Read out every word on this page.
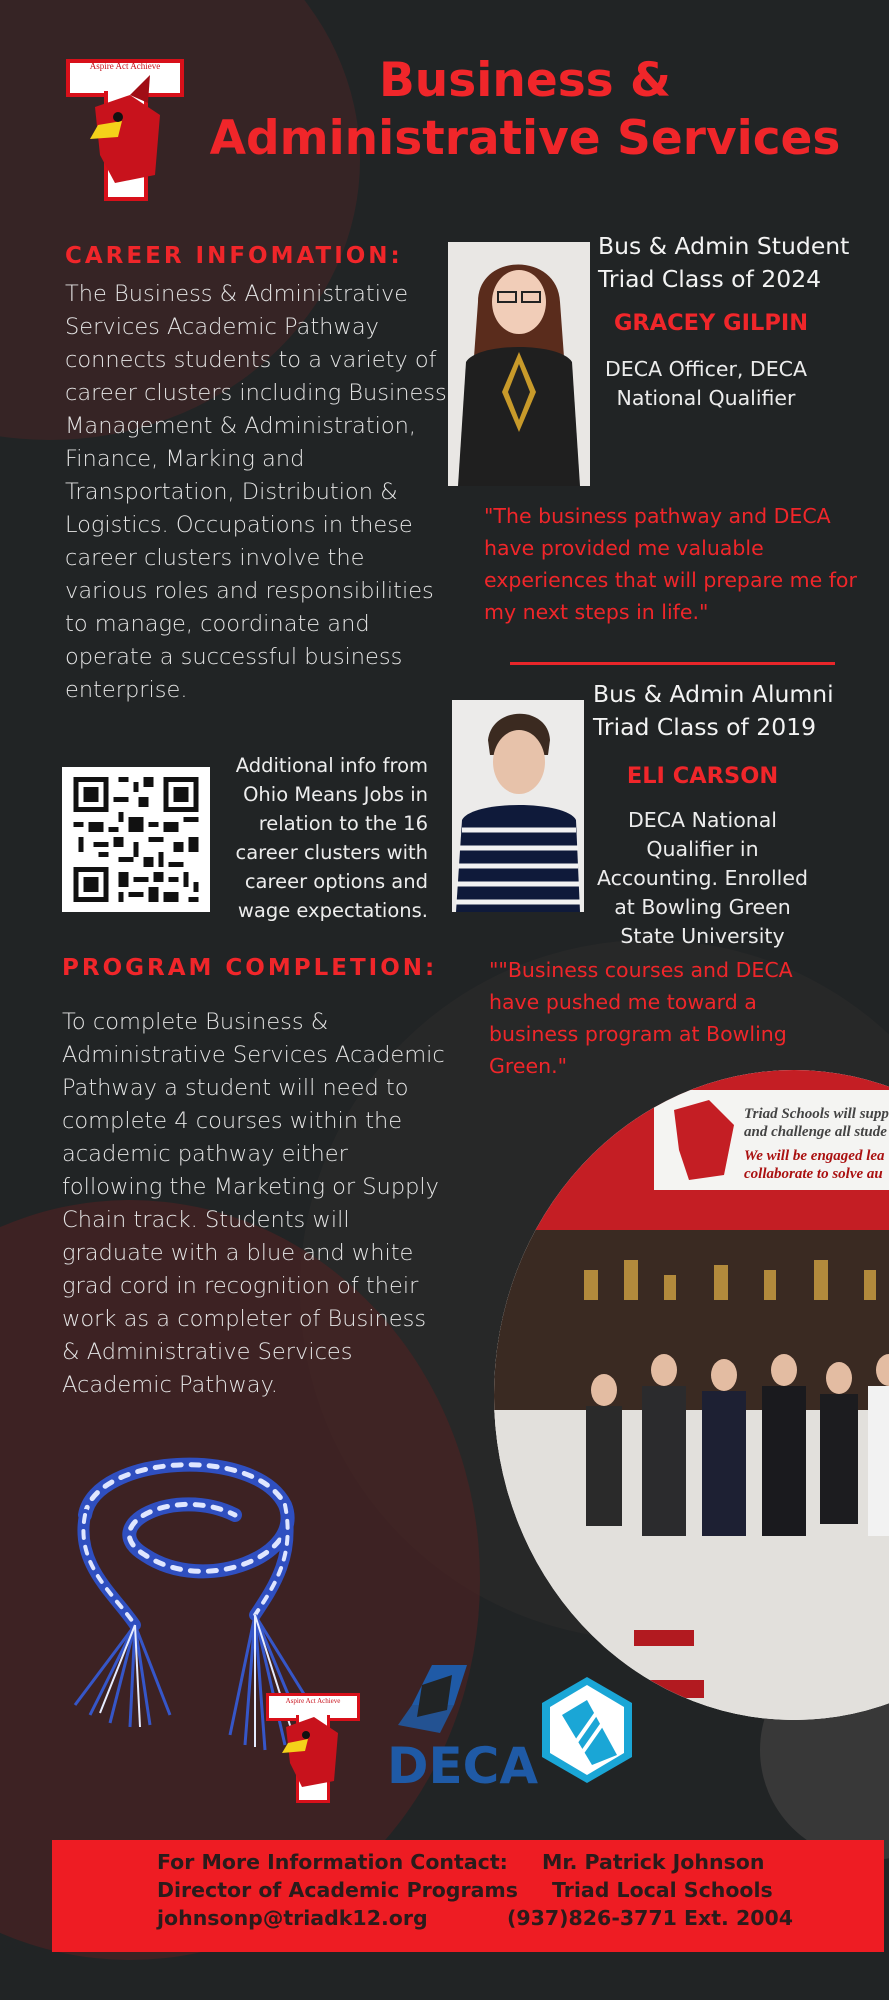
Aspire Act Achieve	Business &
Administrative Services
CAREER INFOMATION:
The Business & Administrative Services Academic Pathway connects students to a variety of career clusters including Business Management & Administration, Finance, Marking and Transportation, Distribution & Logistics. Occupations in these career clusters involve the various roles and responsibilities to manage, coordinate and operate a successful business enterprise.
Additional info from Ohio Means Jobs in relation to the 16 career clusters with career options and wage expectations.
PROGRAM COMPLETION:
To complete Business & Administrative Services Academic Pathway a student will need to complete 4 courses within the academic pathway either following the Marketing or Supply Chain track. Students will graduate with a blue and white grad cord in recognition of their work as a completer of Business & Administrative Services Academic Pathway.
Bus & Admin Student
Triad Class of 2024
GRACEY GILPIN
DECA Officer, DECA National Qualifier
"The business pathway and DECA have provided me valuable experiences that will prepare me for my next steps in life."
Bus & Admin Alumni
Triad Class of 2019
ELI CARSON
DECA National Qualifier in Accounting. Enrolled at Bowling Green State University
""Business courses and DECA have pushed me toward a business program at Bowling Green."
Triad Schools will supp
and challenge all stude
We will be engaged lea
collaborate to solve au
Aspire Act Achieve
DECA
For More Information Contact: Mr. Patrick Johnson
Director of Academic Programs Triad Local Schools
johnsonp@triadk12.org	(937)826-3771 Ext. 2004
